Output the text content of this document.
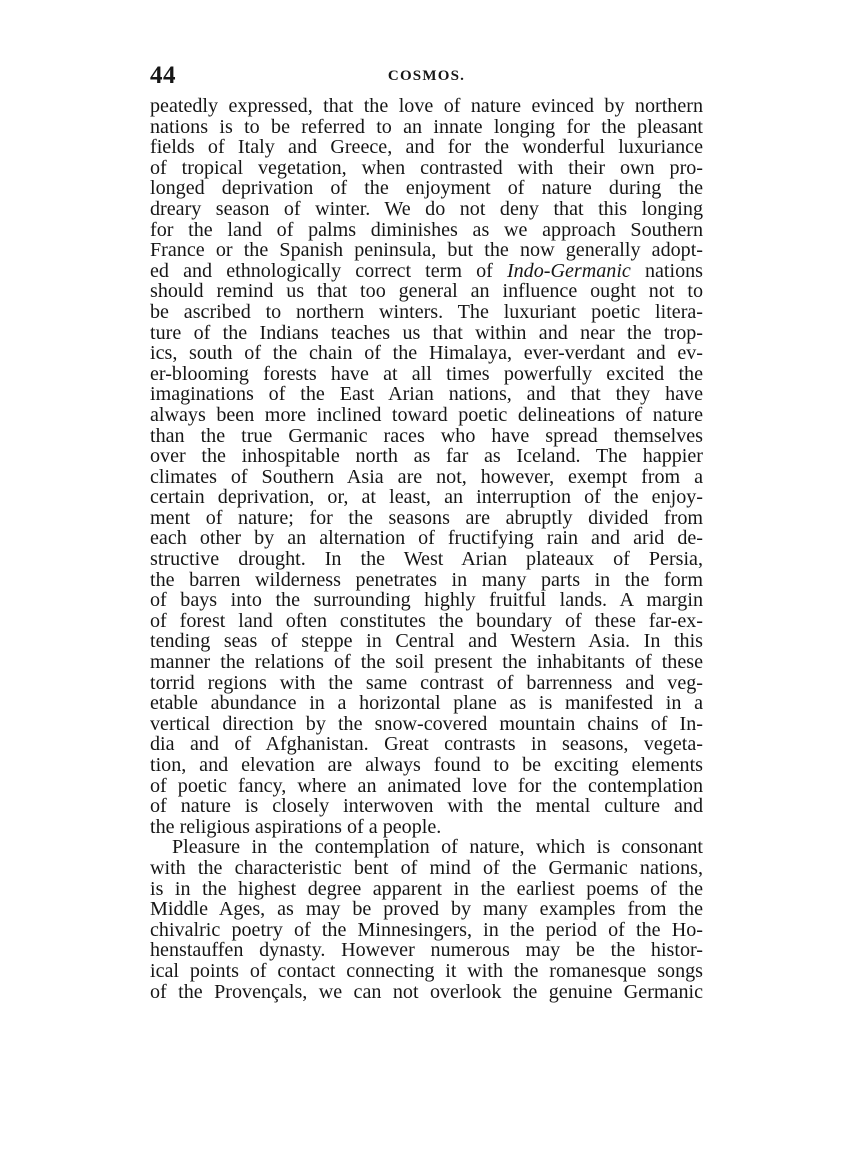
44	COSMOS.
peatedly expressed, that the love of nature evinced by northern
nations is to be referred to an innate longing for the pleasant
fields of Italy and Greece, and for the wonderful luxuriance
of tropical vegetation, when contrasted with their own pro-
longed deprivation of the enjoyment of nature during the
dreary season of winter. We do not deny that this longing
for the land of palms diminishes as we approach Southern
France or the Spanish peninsula, but the now generally adopt-
ed and ethnologically correct term of Indo-Germanic nations
should remind us that too general an influence ought not to
be ascribed to northern winters. The luxuriant poetic litera-
ture of the Indians teaches us that within and near the trop-
ics, south of the chain of the Himalaya, ever-verdant and ev-
er-blooming forests have at all times powerfully excited the
imaginations of the East Arian nations, and that they have
always been more inclined toward poetic delineations of nature
than the true Germanic races who have spread themselves
over the inhospitable north as far as Iceland. The happier
climates of Southern Asia are not, however, exempt from a
certain deprivation, or, at least, an interruption of the enjoy-
ment of nature; for the seasons are abruptly divided from
each other by an alternation of fructifying rain and arid de-
structive drought. In the West Arian plateaux of Persia,
the barren wilderness penetrates in many parts in the form
of bays into the surrounding highly fruitful lands. A margin
of forest land often constitutes the boundary of these far-ex-
tending seas of steppe in Central and Western Asia. In this
manner the relations of the soil present the inhabitants of these
torrid regions with the same contrast of barrenness and veg-
etable abundance in a horizontal plane as is manifested in a
vertical direction by the snow-covered mountain chains of In-
dia and of Afghanistan. Great contrasts in seasons, vegeta-
tion, and elevation are always found to be exciting elements
of poetic fancy, where an animated love for the contemplation
of nature is closely interwoven with the mental culture and
the religious aspirations of a people.
Pleasure in the contemplation of nature, which is consonant
with the characteristic bent of mind of the Germanic nations,
is in the highest degree apparent in the earliest poems of the
Middle Ages, as may be proved by many examples from the
chivalric poetry of the Minnesingers, in the period of the Ho-
henstauffen dynasty. However numerous may be the histor-
ical points of contact connecting it with the romanesque songs
of the Provençals, we can not overlook the genuine Germanic
